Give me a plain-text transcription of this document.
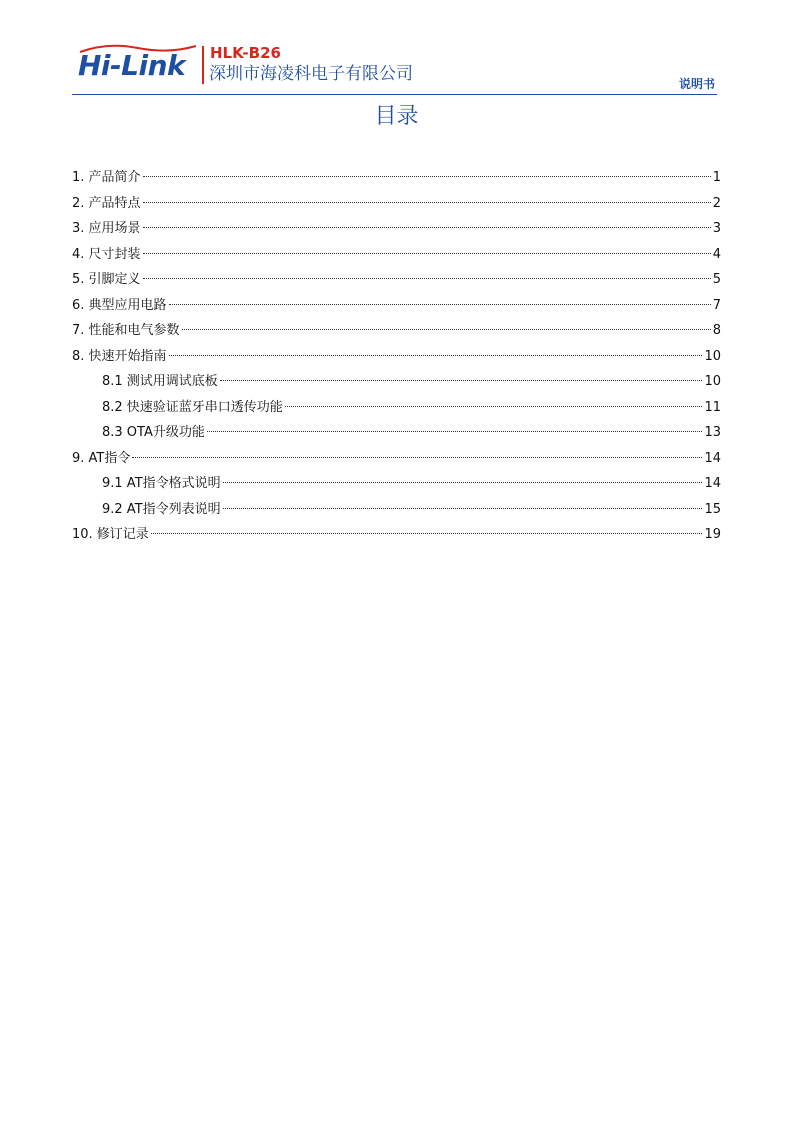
Hi-Link HLK-B26
深圳市海凌科电子有限公司	说明书
目录
1. 产品简介	1
2. 产品特点	2
3. 应用场景	3
4. 尺寸封装	4
5. 引脚定义	5
6. 典型应用电路	7
7. 性能和电气参数	8
8. 快速开始指南	10
8.1 测试用调试底板	10
8.2 快速验证蓝牙串口透传功能	11
8.3 OTA升级功能	13
9. AT指令	14
9.1 AT指令格式说明	14
9.2 AT指令列表说明	15
10. 修订记录	19
